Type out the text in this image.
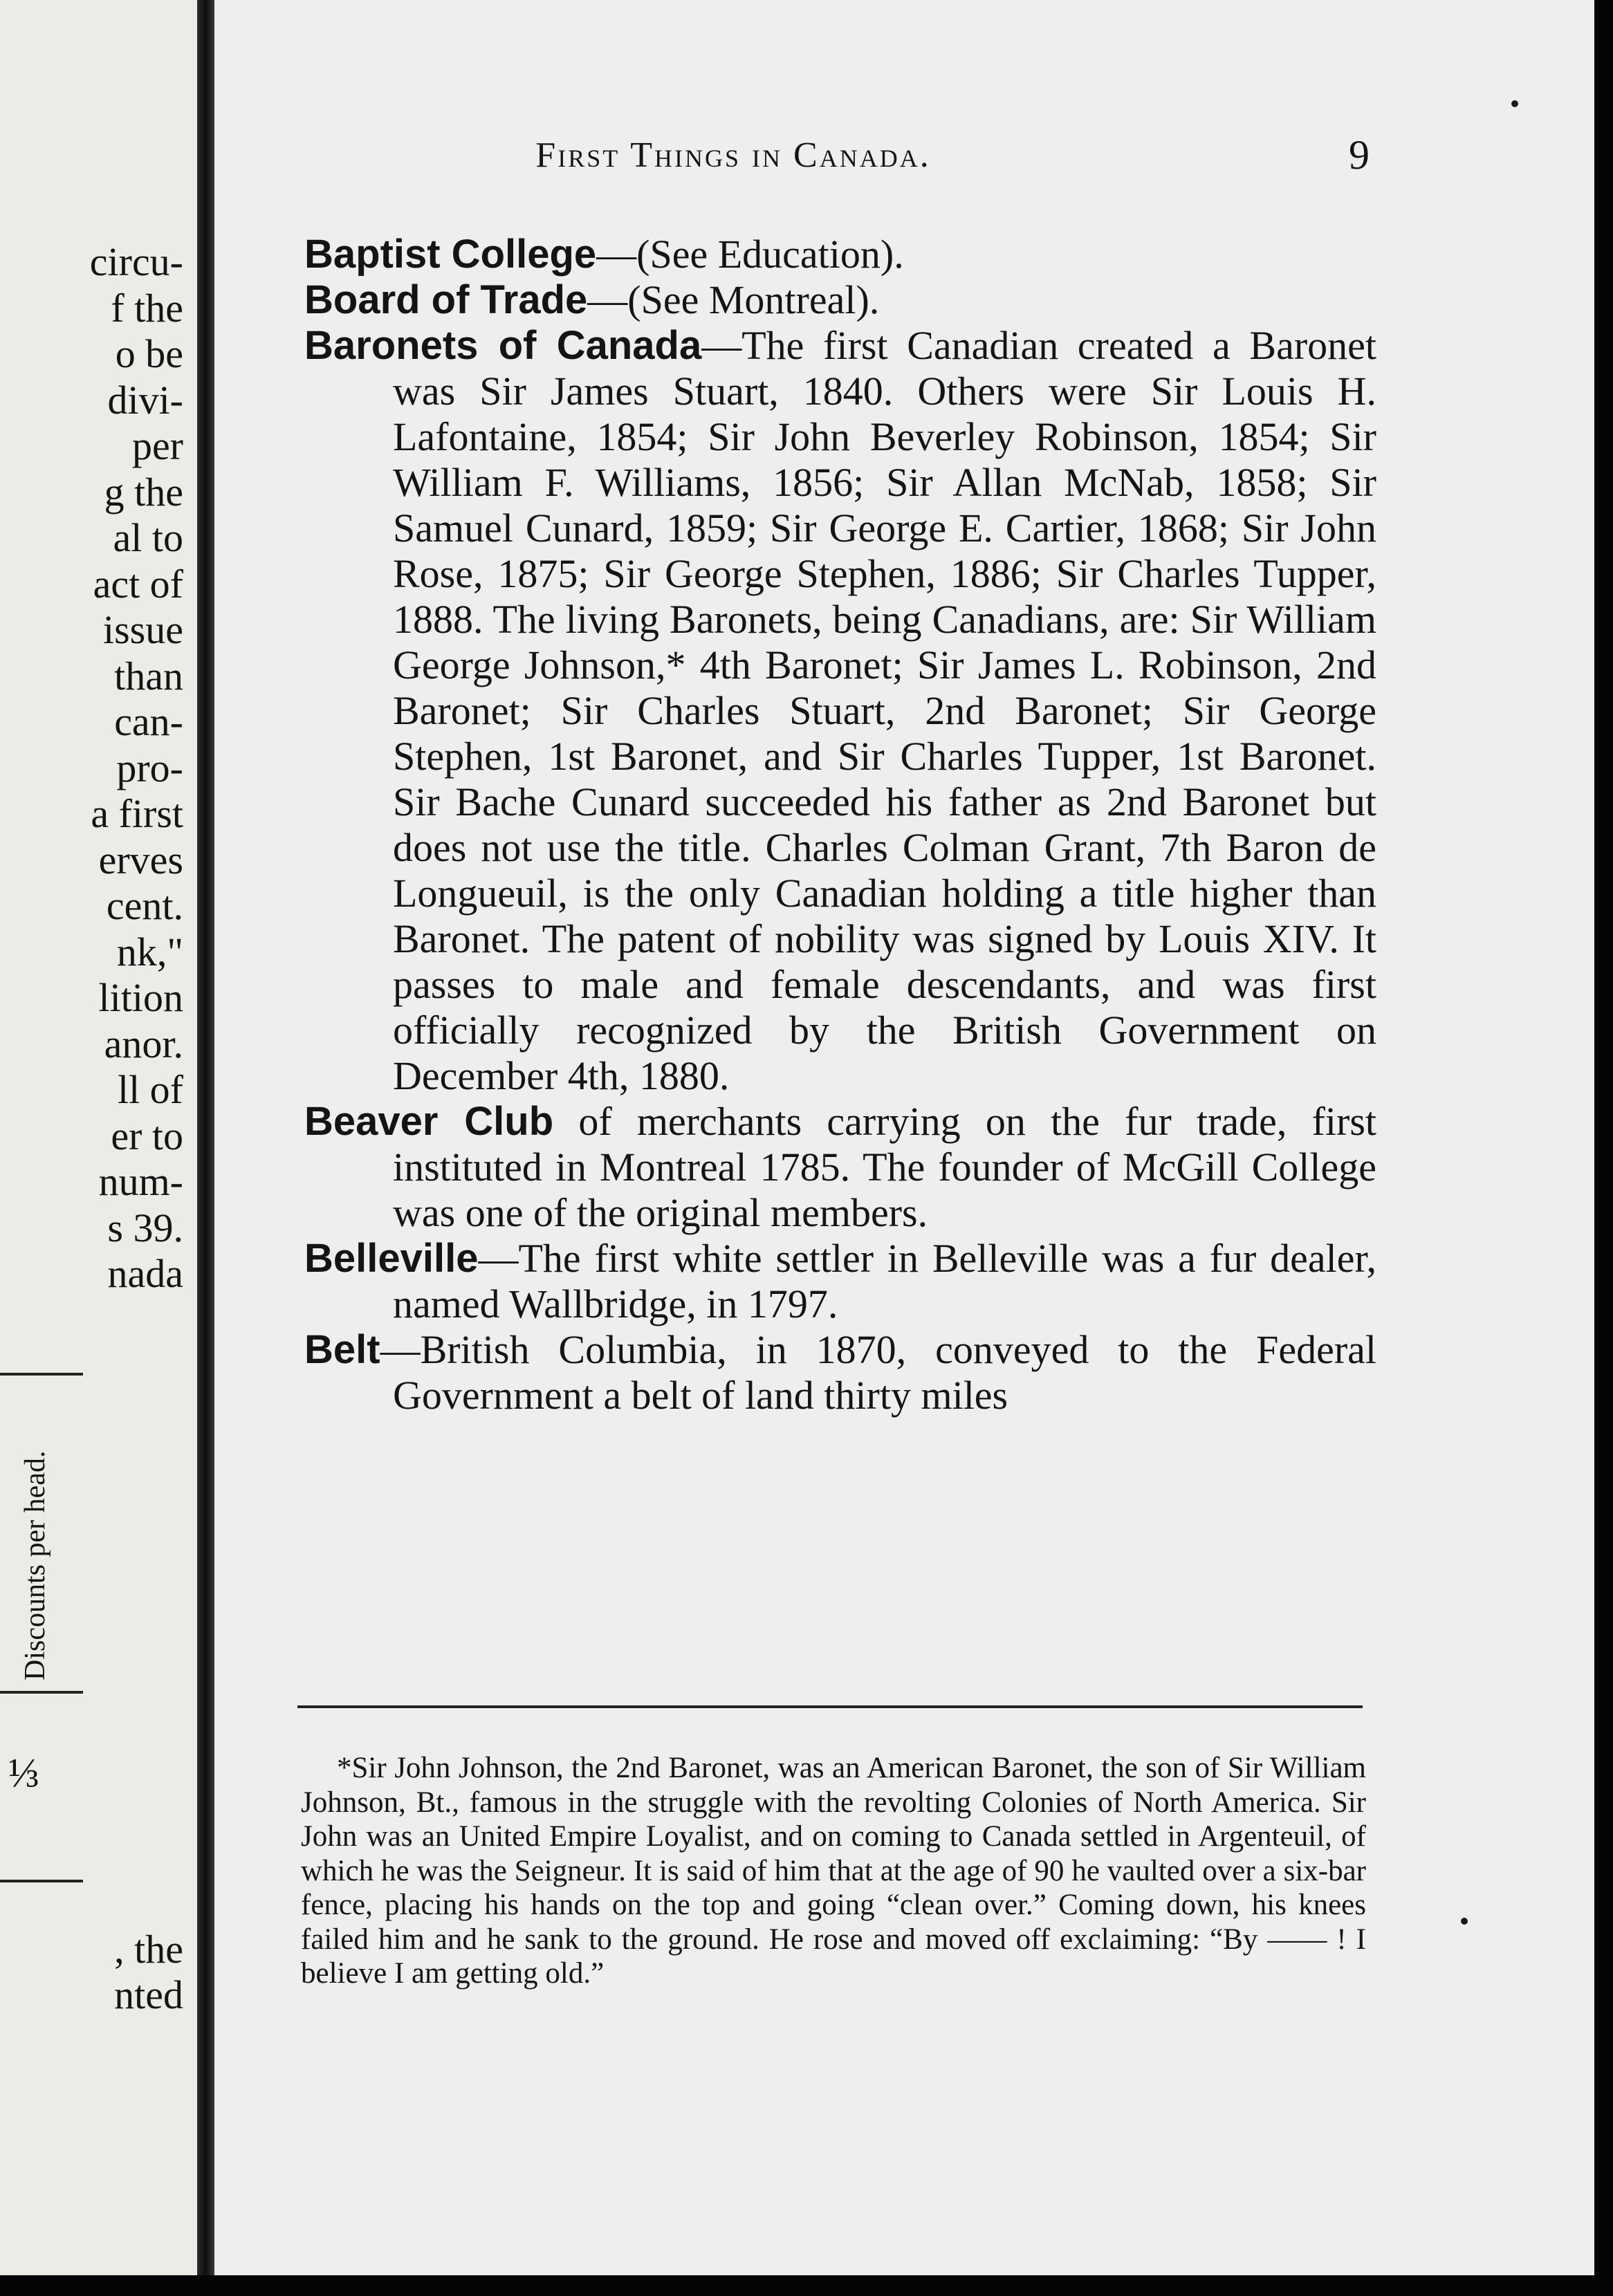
circu-
f the
o be
divi-
per
g the
al to
act of
issue
than
can-
pro-
a first
erves
cent.
nk,"
lition
anor.
ll of
er to
num-
s 39.
nada
Discounts per head.
⅓
, the
nted
First Things in Canada.	9

Baptist College—(See Education).

Board of Trade—(See Montreal).

Baronets of Canada—The first Canadian created a Baronet was Sir James Stuart, 1840. Others were Sir Louis H. Lafontaine, 1854; Sir John Beverley Robinson, 1854; Sir William F. Williams, 1856; Sir Allan McNab, 1858; Sir Samuel Cunard, 1859; Sir George E. Cartier, 1868; Sir John Rose, 1875; Sir George Stephen, 1886; Sir Charles Tupper, 1888. The living Baronets, being Canadians, are: Sir William George Johnson,* 4th Baronet; Sir James L. Robinson, 2nd Baronet; Sir Charles Stuart, 2nd Baronet; Sir George Stephen, 1st Baronet, and Sir Charles Tupper, 1st Baronet. Sir Bache Cunard succeeded his father as 2nd Baronet but does not use the title. Charles Colman Grant, 7th Baron de Longueuil, is the only Canadian holding a title higher than Baronet. The patent of nobility was signed by Louis XIV. It passes to male and female descendants, and was first officially recognized by the British Government on December 4th, 1880.

Beaver Club of merchants carrying on the fur trade, first instituted in Montreal 1785. The founder of McGill College was one of the original members.

Belleville—The first white settler in Belleville was a fur dealer, named Wallbridge, in 1797.

Belt—British Columbia, in 1870, conveyed to the Federal Government a belt of land thirty miles

*Sir John Johnson, the 2nd Baronet, was an American Baronet, the son of Sir William Johnson, Bt., famous in the struggle with the revolting Colonies of North America. Sir John was an United Empire Loyalist, and on coming to Canada settled in Argenteuil, of which he was the Seigneur. It is said of him that at the age of 90 he vaulted over a six-bar fence, placing his hands on the top and going “clean over.” Coming down, his knees failed him and he sank to the ground. He rose and moved off exclaiming: “By —— ! I believe I am getting old.”
